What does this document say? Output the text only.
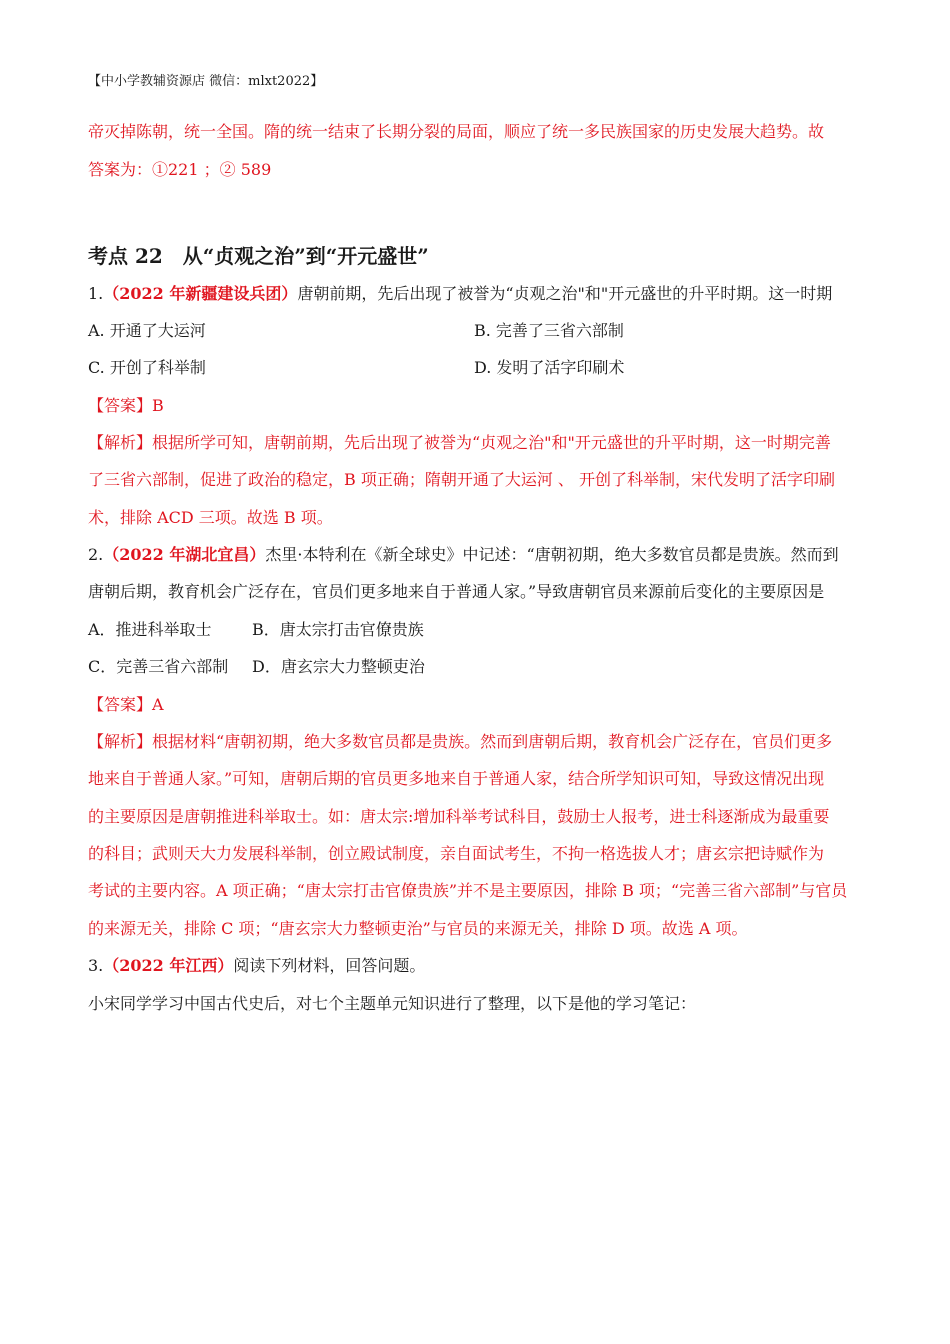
【中小学教辅资源店 微信：mlxt2022】
帝灭掉陈朝，统一全国。隋的统一结束了长期分裂的局面，顺应了统一多民族国家的历史发展大趋势。故
答案为：①221 ；② 589
考点 22　从“贞观之治”到“开元盛世”
1.（2022 年新疆建设兵团）唐朝前期，先后出现了被誉为“贞观之治"和"开元盛世的升平时期。这一时期
A. 开通了大运河	B. 完善了三省六部制
C. 开创了科举制	D. 发明了活字印刷术
【答案】B
【解析】根据所学可知，唐朝前期，先后出现了被誉为“贞观之治"和"开元盛世的升平时期，这一时期完善
了三省六部制，促进了政治的稳定，B 项正确；隋朝开通了大运河 、 开创了科举制，宋代发明了活字印刷
术，排除 ACD 三项。故选 B 项。
2.（2022 年湖北宜昌）杰里·本特利在《新全球史》中记述：“唐朝初期，绝大多数官员都是贵族。然而到
唐朝后期，教育机会广泛存在，官员们更多地来自于普通人家。”导致唐朝官员来源前后变化的主要原因是
A．推进科举取士	B．唐太宗打击官僚贵族
C．完善三省六部制 D．唐玄宗大力整顿吏治
【答案】A
【解析】根据材料“唐朝初期，绝大多数官员都是贵族。然而到唐朝后期，教育机会广泛存在，官员们更多
地来自于普通人家。”可知，唐朝后期的官员更多地来自于普通人家，结合所学知识可知，导致这情况出现
的主要原因是唐朝推进科举取士。如：唐太宗:增加科举考试科目，鼓励士人报考，进士科逐渐成为最重要
的科目；武则天大力发展科举制，创立殿试制度，亲自面试考生，不拘一格选拔人才；唐玄宗把诗赋作为
考试的主要内容。A 项正确；“唐太宗打击官僚贵族”并不是主要原因，排除 B 项；“完善三省六部制”与官员
的来源无关，排除 C 项；“唐玄宗大力整顿吏治”与官员的来源无关，排除 D 项。故选 A 项。
3.（2022 年江西）阅读下列材料，回答问题。
小宋同学学习中国古代史后，对七个主题单元知识进行了整理，以下是他的学习笔记：
